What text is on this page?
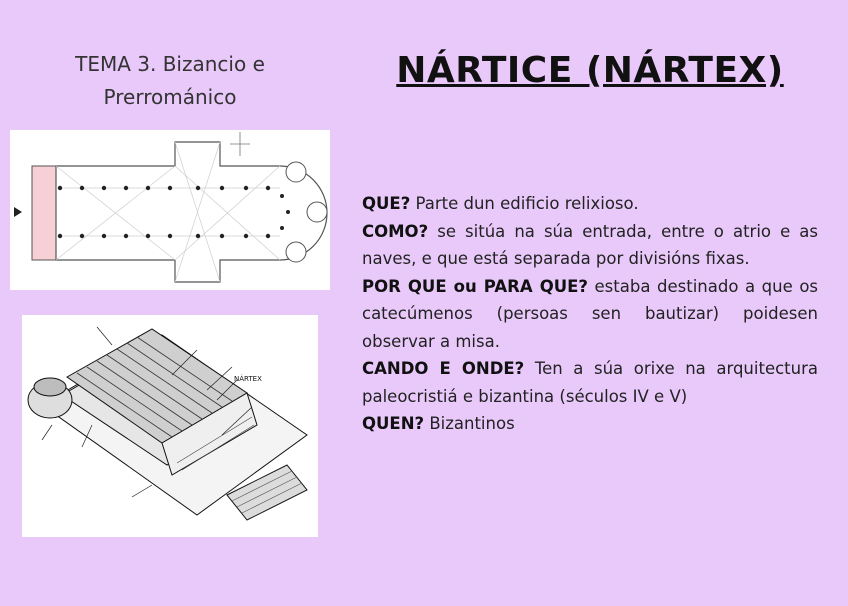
TEMA 3. Bizancio e
Prerrománico
NÁRTICE (NÁRTEX)
NÁRTEX

QUE? Parte dun edificio relixioso.

COMO? se sitúa na súa entrada, entre o atrio e as naves, e que está separada por divisións fixas.

POR QUE ou PARA QUE? estaba destinado a que os catecúmenos (persoas sen bautizar) poidesen observar a misa.

CANDO E ONDE? Ten a súa orixe na arquitectura paleocristiá e bizantina (séculos IV e V)

QUEN? Bizantinos
